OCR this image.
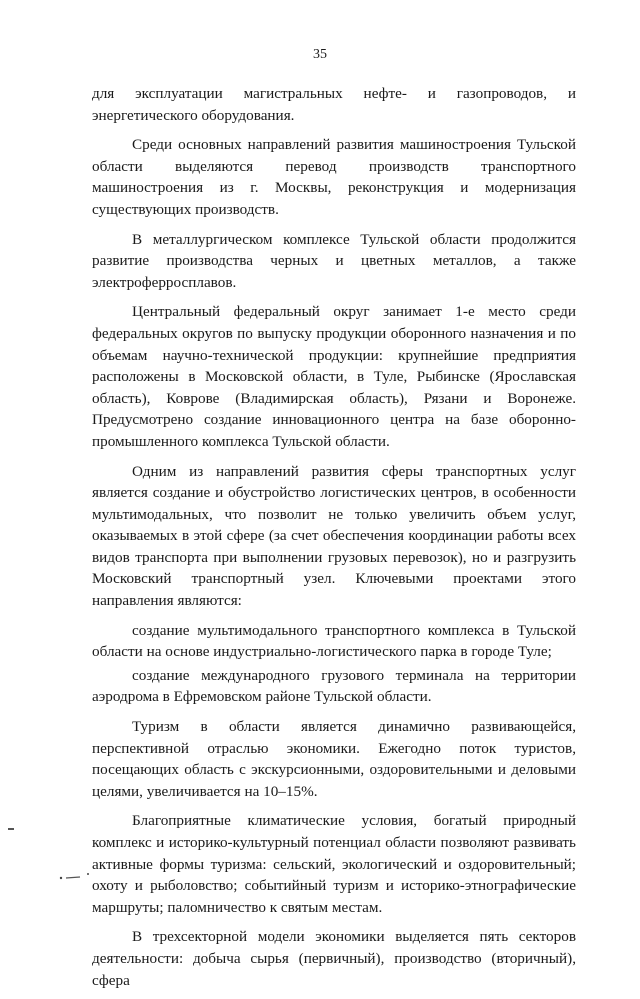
35

для эксплуатации магистральных нефте- и газопроводов, и энергетического оборудования.

Среди основных направлений развития машиностроения Тульской области выделяются перевод производств транспортного машиностроения из г. Москвы, реконструкция и модернизация существующих производств.

В металлургическом комплексе Тульской области продолжится развитие производства черных и цветных металлов, а также электроферросплавов.

Центральный федеральный округ занимает 1-е место среди федеральных округов по выпуску продукции оборонного назначения и по объемам научно-технической продукции: крупнейшие предприятия расположены в Московской области, в Туле, Рыбинске (Ярославская область), Коврове (Владимирская область), Рязани и Воронеже. Предусмотрено создание инновационного центра на базе оборонно-промышленного комплекса Тульской области.

Одним из направлений развития сферы транспортных услуг является создание и обустройство логистических центров, в особенности мультимодальных, что позволит не только увеличить объем услуг, оказываемых в этой сфере (за счет обеспечения координации работы всех видов транспорта при выполнении грузовых перевозок), но и разгрузить Московский транспортный узел. Ключевыми проектами этого направления являются:

создание мультимодального транспортного комплекса в Тульской области на основе индустриально-логистического парка в городе Туле;

создание международного грузового терминала на территории аэродрома в Ефремовском районе Тульской области.

Туризм в области является динамично развивающейся, перспективной отраслью экономики. Ежегодно поток туристов, посещающих область с экскурсионными, оздоровительными и деловыми целями, увеличивается на 10–15%.

Благоприятные климатические условия, богатый природный комплекс и историко-культурный потенциал области позволяют развивать активные формы туризма: сельский, экологический и оздоровительный; охоту и рыболовство; событийный туризм и историко-этнографические маршруты; паломничество к святым местам.

В трехсекторной модели экономики выделяется пять секторов деятельности: добыча сырья (первичный), производство (вторичный), сфера
